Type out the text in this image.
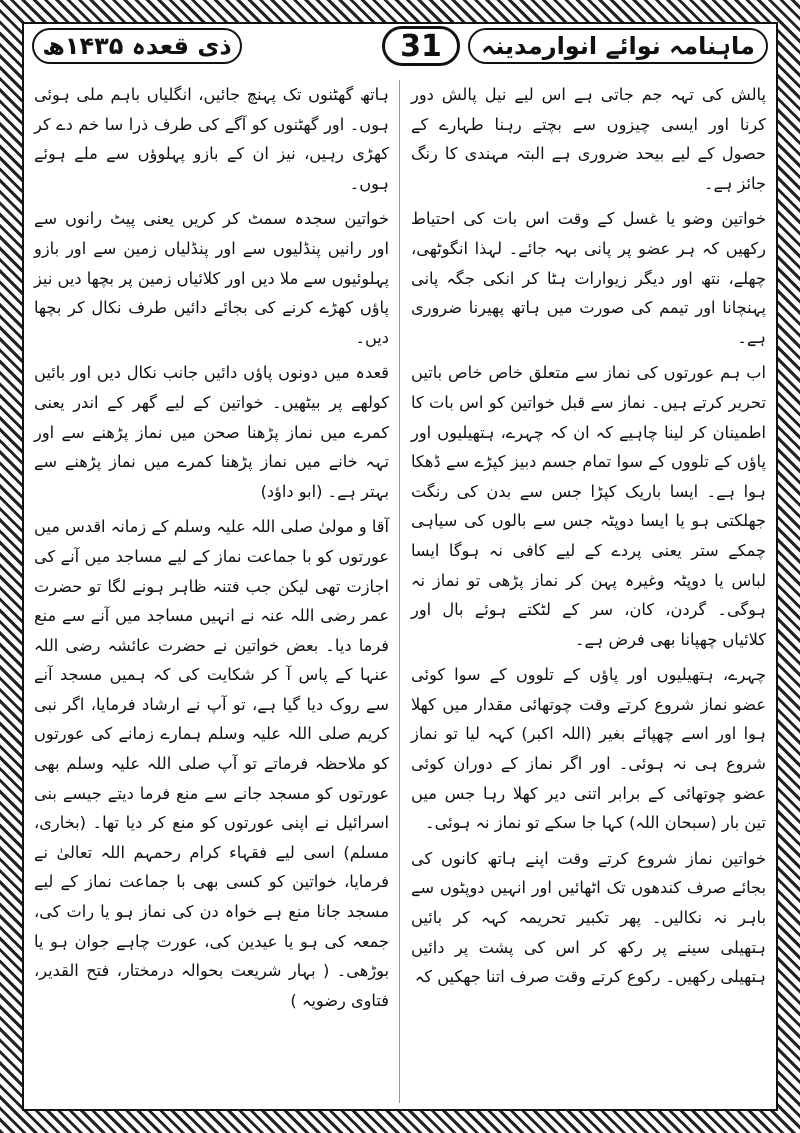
ماہنامہ نوائے انوارمدینہ
31
ذی قعدہ ۱۴۳۵ھ

پالش کی تہہ جم جاتی ہے اس لیے نیل پالش دور کرنا اور ایسی چیزوں سے بچتے رہنا طہارے کے حصول کے لیے بیحد ضروری ہے البتہ مہندی کا رنگ جائز ہے۔

خواتین وضو یا غسل کے وقت اس بات کی احتیاط رکھیں کہ ہر عضو پر پانی بہہ جائے۔ لہذا انگوٹھی، چھلے، نتھ اور دیگر زیوارات ہٹا کر انکی جگہ پانی پہنچانا اور تیمم کی صورت میں ہاتھ پھیرنا ضروری ہے۔

اب ہم عورتوں کی نماز سے متعلق خاص خاص باتیں تحریر کرتے ہیں۔ نماز سے قبل خواتین کو اس بات کا اطمینان کر لینا چاہیے کہ ان کہ چہرے، ہتھیلیوں اور پاؤں کے تلووں کے سوا تمام جسم دبیز کپڑے سے ڈھکا ہوا ہے۔ ایسا باریک کپڑا جس سے بدن کی رنگت جھلکتی ہو یا ایسا دوپٹہ جس سے بالوں کی سیاہی چمکے ستر یعنی پردے کے لیے کافی نہ ہوگا ایسا لباس یا دوپٹہ وغیرہ پہن کر نماز پڑھی تو نماز نہ ہوگی۔ گردن، کان، سر کے لٹکتے ہوئے بال اور کلائیاں چھپانا بھی فرض ہے۔

چہرے، ہتھیلیوں اور پاؤں کے تلووں کے سوا کوئی عضو نماز شروع کرتے وقت چوتھائی مقدار میں کھلا ہوا اور اسے چھپائے بغیر (اللہ اکبر) کہہ لیا تو نماز شروع ہی نہ ہوئی۔ اور اگر نماز کے دوران کوئی عضو چوتھائی کے برابر اتنی دیر کھلا رہا جس میں تین بار (سبحان اللہ) کہا جا سکے تو نماز نہ ہوئی۔

خواتین نماز شروع کرتے وقت اپنے ہاتھ کانوں کی بجائے صرف کندھوں تک اٹھائیں اور انہیں دوپٹوں سے باہر نہ نکالیں۔ پھر تکبیر تحریمہ کہہ کر بائیں ہتھیلی سینے پر رکھ کر اس کی پشت پر دائیں ہتھیلی رکھیں۔ رکوع کرتے وقت صرف اتنا جھکیں کہ

ہاتھ گھٹنوں تک پہنچ جائیں، انگلیاں باہم ملی ہوئی ہوں۔ اور گھٹنوں کو آگے کی طرف ذرا سا خم دے کر کھڑی رہیں، نیز ان کے بازو پہلوؤں سے ملے ہوئے ہوں۔

خواتین سجدہ سمٹ کر کریں یعنی پیٹ رانوں سے اور رانیں پنڈلیوں سے اور پنڈلیاں زمین سے اور بازو پہلوئیوں سے ملا دیں اور کلائیاں زمین پر بچھا دیں نیز پاؤں کھڑے کرنے کی بجائے دائیں طرف نکال کر بچھا دیں۔

قعدہ میں دونوں پاؤں دائیں جانب نکال دیں اور بائیں کولھے پر بیٹھیں۔ خواتین کے لیے گھر کے اندر یعنی کمرے میں نماز پڑھنا صحن میں نماز پڑھنے سے اور تہہ خانے میں نماز پڑھنا کمرے میں نماز پڑھنے سے بہتر ہے۔ (ابو داؤد)

آقا و مولیٰ صلی اللہ علیہ وسلم کے زمانہ اقدس میں عورتوں کو با جماعت نماز کے لیے مساجد میں آنے کی اجازت تھی لیکن جب فتنہ ظاہر ہونے لگا تو حضرت عمر رضی اللہ عنہ نے انہیں مساجد میں آنے سے منع فرما دیا۔ بعض خواتین نے حضرت عائشہ رضی اللہ عنہا کے پاس آ کر شکایت کی کہ ہمیں مسجد آنے سے روک دیا گیا ہے، تو آپ نے ارشاد فرمایا، اگر نبی کریم صلی اللہ علیہ وسلم ہمارے زمانے کی عورتوں کو ملاحظہ فرماتے تو آپ صلی اللہ علیہ وسلم بھی عورتوں کو مسجد جانے سے منع فرما دیتے جیسے بنی اسرائیل نے اپنی عورتوں کو منع کر دیا تھا۔ (بخاری، مسلم) اسی لیے فقہاء کرام رحمہم اللہ تعالیٰ نے فرمایا، خواتین کو کسی بھی با جماعت نماز کے لیے مسجد جانا منع ہے خواہ دن کی نماز ہو یا رات کی، جمعہ کی ہو یا عیدین کی، عورت چاہے جوان ہو یا بوڑھی۔ ( بہار شریعت بحوالہ درمختار، فتح القدیر، فتاوی رضویہ )
